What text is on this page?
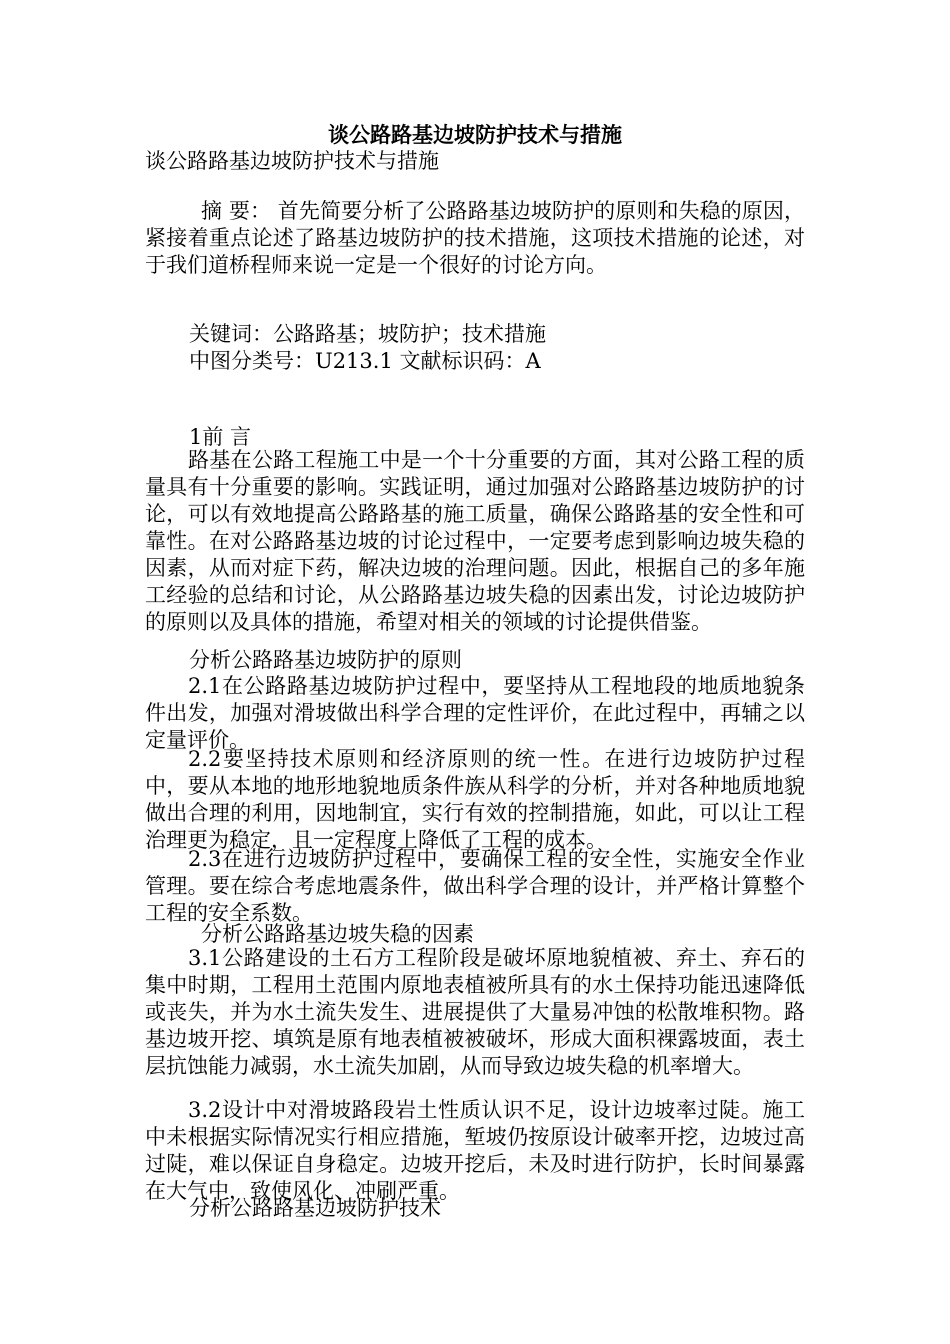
谈公路路基边坡防护技术与措施
谈公路路基边坡防护技术与措施

摘 要： 首先简要分析了公路路基边坡防护的原则和失稳的原因，紧接着重点论述了路基边坡防护的技术措施，这项技术措施的论述，对于我们道桥程师来说一定是一个很好的讨论方向。

关键词：公路路基；坡防护；技术措施
中图分类号：U213.1 文献标识码：A
1前 言

路基在公路工程施工中是一个十分重要的方面，其对公路工程的质量具有十分重要的影响。实践证明，通过加强对公路路基边坡防护的讨论，可以有效地提高公路路基的施工质量，确保公路路基的安全性和可靠性。在对公路路基边坡的讨论过程中，一定要考虑到影响边坡失稳的因素，从而对症下药，解决边坡的治理问题。因此，根据自己的多年施工经验的总结和讨论，从公路路基边坡失稳的因素出发，讨论边坡防护的原则以及具体的措施，希望对相关的领域的讨论提供借鉴。

分析公路路基边坡防护的原则

2.1在公路路基边坡防护过程中，要坚持从工程地段的地质地貌条件出发，加强对滑坡做出科学合理的定性评价，在此过程中，再辅之以定量评价。

2.2要坚持技术原则和经济原则的统一性。在进行边坡防护过程中，要从本地的地形地貌地质条件族从科学的分析，并对各种地质地貌做出合理的利用，因地制宜，实行有效的控制措施，如此，可以让工程治理更为稳定，且一定程度上降低了工程的成本。

2.3在进行边坡防护过程中，要确保工程的安全性，实施安全作业管理。要在综合考虑地震条件，做出科学合理的设计，并严格计算整个工程的安全系数。

分析公路路基边坡失稳的因素

3.1公路建设的土石方工程阶段是破坏原地貌植被、弃土、弃石的集中时期，工程用土范围内原地表植被所具有的水土保持功能迅速降低或丧失，并为水土流失发生、进展提供了大量易冲蚀的松散堆积物。路基边坡开挖、填筑是原有地表植被被破坏，形成大面积裸露坡面，表土层抗蚀能力减弱，水土流失加剧，从而导致边坡失稳的机率增大。

3.2设计中对滑坡路段岩土性质认识不足，设计边坡率过陡。施工中未根据实际情况实行相应措施，堑坡仍按原设计破率开挖，边坡过高过陡，难以保证自身稳定。边坡开挖后，未及时进行防护，长时间暴露在大气中，致使风化、冲刷严重。

分析公路路基边坡防护技术
